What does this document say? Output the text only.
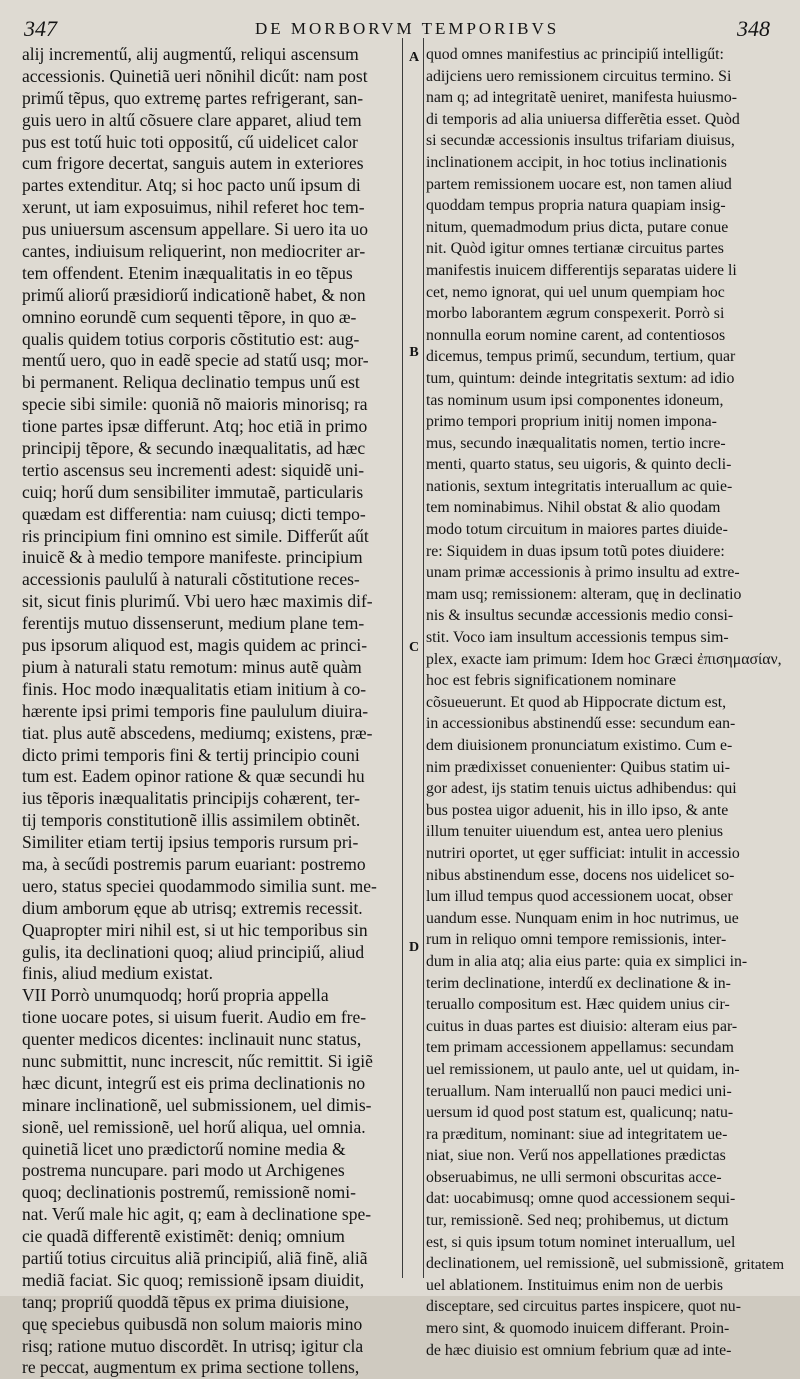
347	DE MORBORVM TEMPORIBVS	348
A
B
C
D
alij incrementű, alij augmentű, reliqui ascensum
accessionis. Quinetiã ueri nõnihil dicűt: nam post
primű tẽpus, quo extremę partes refrigerant, san-
guis uero in altű cõsuere clare apparet, aliud tem
pus est totű huic toti oppositű, cű uidelicet calor
cum frigore decertat, sanguis autem in exteriores
partes extenditur. Atq; si hoc pacto unű ipsum di
xerunt, ut iam exposuimus, nihil referet hoc tem-
pus uniuersum ascensum appellare. Si uero ita uo
cantes, indiuisum reliquerint, non mediocriter ar-
tem offendent. Etenim inæqualitatis in eo tẽpus
primű aliorű præsidiorű indicationẽ habet, & non
omnino eorundẽ cum sequenti tẽpore, in quo æ-
qualis quidem totius corporis cõstitutio est: aug-
mentű uero, quo in eadẽ specie ad statű usq; mor-
bi permanent. Reliqua declinatio tempus unű est
specie sibi simile: quoniã nõ maioris minorisq; ra
tione partes ipsæ differunt. Atq; hoc etiã in primo
principij tẽpore, & secundo inæqualitatis, ad hæc
tertio ascensus seu incrementi adest: siquidẽ uni-
cuiq; horű dum sensibiliter immutaẽ, particularis
quædam est differentia: nam cuiusq; dicti tempo-
ris principium fini omnino est simile. Differűt aűt
inuicẽ & à medio tempore manifeste. principium
accessionis paululű à naturali cõstitutione reces-
sit, sicut finis plurimű. Vbi uero hæc maximis dif-
ferentijs mutuo dissenserunt, medium plane tem-
pus ipsorum aliquod est, magis quidem ac princi-
pium à naturali statu remotum: minus autẽ quàm
finis. Hoc modo inæqualitatis etiam initium à co-
hærente ipsi primi temporis fine paululum diuira-
tiat. plus autẽ abscedens, mediumq; existens, præ-
dicto primi temporis fini & tertij principio couni
tum est. Eadem opinor ratione & quæ secundi hu
ius tẽporis inæqualitatis principijs cohærent, ter-
tij temporis constitutionẽ illis assimilem obtinẽt.
Similiter etiam tertij ipsius temporis rursum pri-
ma, à secűdi postremis parum euariant: postremo
uero, status speciei quodammodo similia sunt. me-
dium amborum ęque ab utrisq; extremis recessit.
Quapropter miri nihil est, si ut hic temporibus sin
gulis, ita declinationi quoq; aliud principiű, aliud
finis, aliud medium existat.
VII Porrò unumquodq; horű propria appella
tione uocare potes, si uisum fuerit. Audio em fre-
quenter medicos dicentes: inclinauit nunc status,
nunc submittit, nunc increscit, nűc remittit. Si igiẽ
hæc dicunt, integrű est eis prima declinationis no
minare inclinationẽ, uel submissionem, uel dimis-
sionẽ, uel remissionẽ, uel horű aliqua, uel omnia.
quinetiã licet uno prædictorű nomine media &
postrema nuncupare. pari modo ut Archigenes
quoq; declinationis postremű, remissionẽ nomi-
nat. Verű male hic agit, q; eam à declinatione spe-
cie quadã differentẽ existimẽt: deniq; omnium
partiű totius circuitus aliã principiű, aliã finẽ, aliã
mediã faciat. Sic quoq; remissionẽ ipsam diuidit,
tanq; propriű quoddã tẽpus ex prima diuisione,
quę speciebus quibusdã non solum maioris mino
risq; ratione mutuo discordẽt. In utrisq; igitur cla
re peccat, augmentum ex prima sectione tollens,
quod omnes manifestius ac principiű intelligűt:
adijciens uero remissionem circuitus termino. Si
nam q; ad integritatẽ ueniret, manifesta huiusmo-
di temporis ad alia uniuersa differẽtia esset. Quòd
si secundæ accessionis insultus trifariam diuisus,
inclinationem accipit, in hoc totius inclinationis
partem remissionem uocare est, non tamen aliud
quoddam tempus propria natura quapiam insig-
nitum, quemadmodum prius dicta, putare conue
nit. Quòd igitur omnes tertianæ circuitus partes
manifestis inuicem differentijs separatas uidere li
cet, nemo ignorat, qui uel unum quempiam hoc
morbo laborantem ægrum conspexerit. Porrò si
nonnulla eorum nomine carent, ad contentiosos
dicemus, tempus primű, secundum, tertium, quar
tum, quintum: deinde integritatis sextum: ad idio
tas nominum usum ipsi componentes idoneum,
primo tempori proprium initij nomen impona-
mus, secundo inæqualitatis nomen, tertio incre-
menti, quarto status, seu uigoris, & quinto decli-
nationis, sextum integritatis interuallum ac quie-
tem nominabimus. Nihil obstat & alio quodam
modo totum circuitum in maiores partes diuide-
re: Siquidem in duas ipsum totũ potes diuidere:
unam primæ accessionis à primo insultu ad extre-
mam usq; remissionem: alteram, quę in declinatio
nis & insultus secundæ accessionis medio consi-
stit. Voco iam insultum accessionis tempus sim-
plex, exacte iam primum: Idem hoc Græci ἐπισημασίαν,
hoc est febris significationem nominare
cõsueuerunt. Et quod ab Hippocrate dictum est,
in accessionibus abstinendű esse: secundum ean-
dem diuisionem pronunciatum existimo. Cum e-
nim prædixisset conuenienter: Quibus statim ui-
gor adest, ijs statim tenuis uictus adhibendus: qui
bus postea uigor aduenit, his in illo ipso, & ante
illum tenuiter uiuendum est, antea uero plenius
nutriri oportet, ut ęger sufficiat: intulit in accessio
nibus abstinendum esse, docens nos uidelicet so-
lum illud tempus quod accessionem uocat, obser
uandum esse. Nunquam enim in hoc nutrimus, ue
rum in reliquo omni tempore remissionis, inter-
dum in alia atq; alia eius parte: quia ex simplici in-
terim declinatione, interdű ex declinatione & in-
teruallo compositum est. Hæc quidem unius cir-
cuitus in duas partes est diuisio: alteram eius par-
tem primam accessionem appellamus: secundam
uel remissionem, ut paulo ante, uel ut quidam, in-
teruallum. Nam interuallű non pauci medici uni-
uersum id quod post statum est, qualicunq; natu-
ra præditum, nominant: siue ad integritatem ue-
niat, siue non. Verű nos appellationes prædictas
obseruabimus, ne ulli sermoni obscuritas acce-
dat: uocabimusq; omne quod accessionem sequi-
tur, remissionẽ. Sed neq; prohibemus, ut dictum
est, si quis ipsum totum nominet interuallum, uel
declinationem, uel remissionẽ, uel submissionẽ,
uel ablationem. Instituimus enim non de uerbis
disceptare, sed circuitus partes inspicere, quot nu-
mero sint, & quomodo inuicem differant. Proin-
de hæc diuisio est omnium febrium quæ ad inte-
gritatem
